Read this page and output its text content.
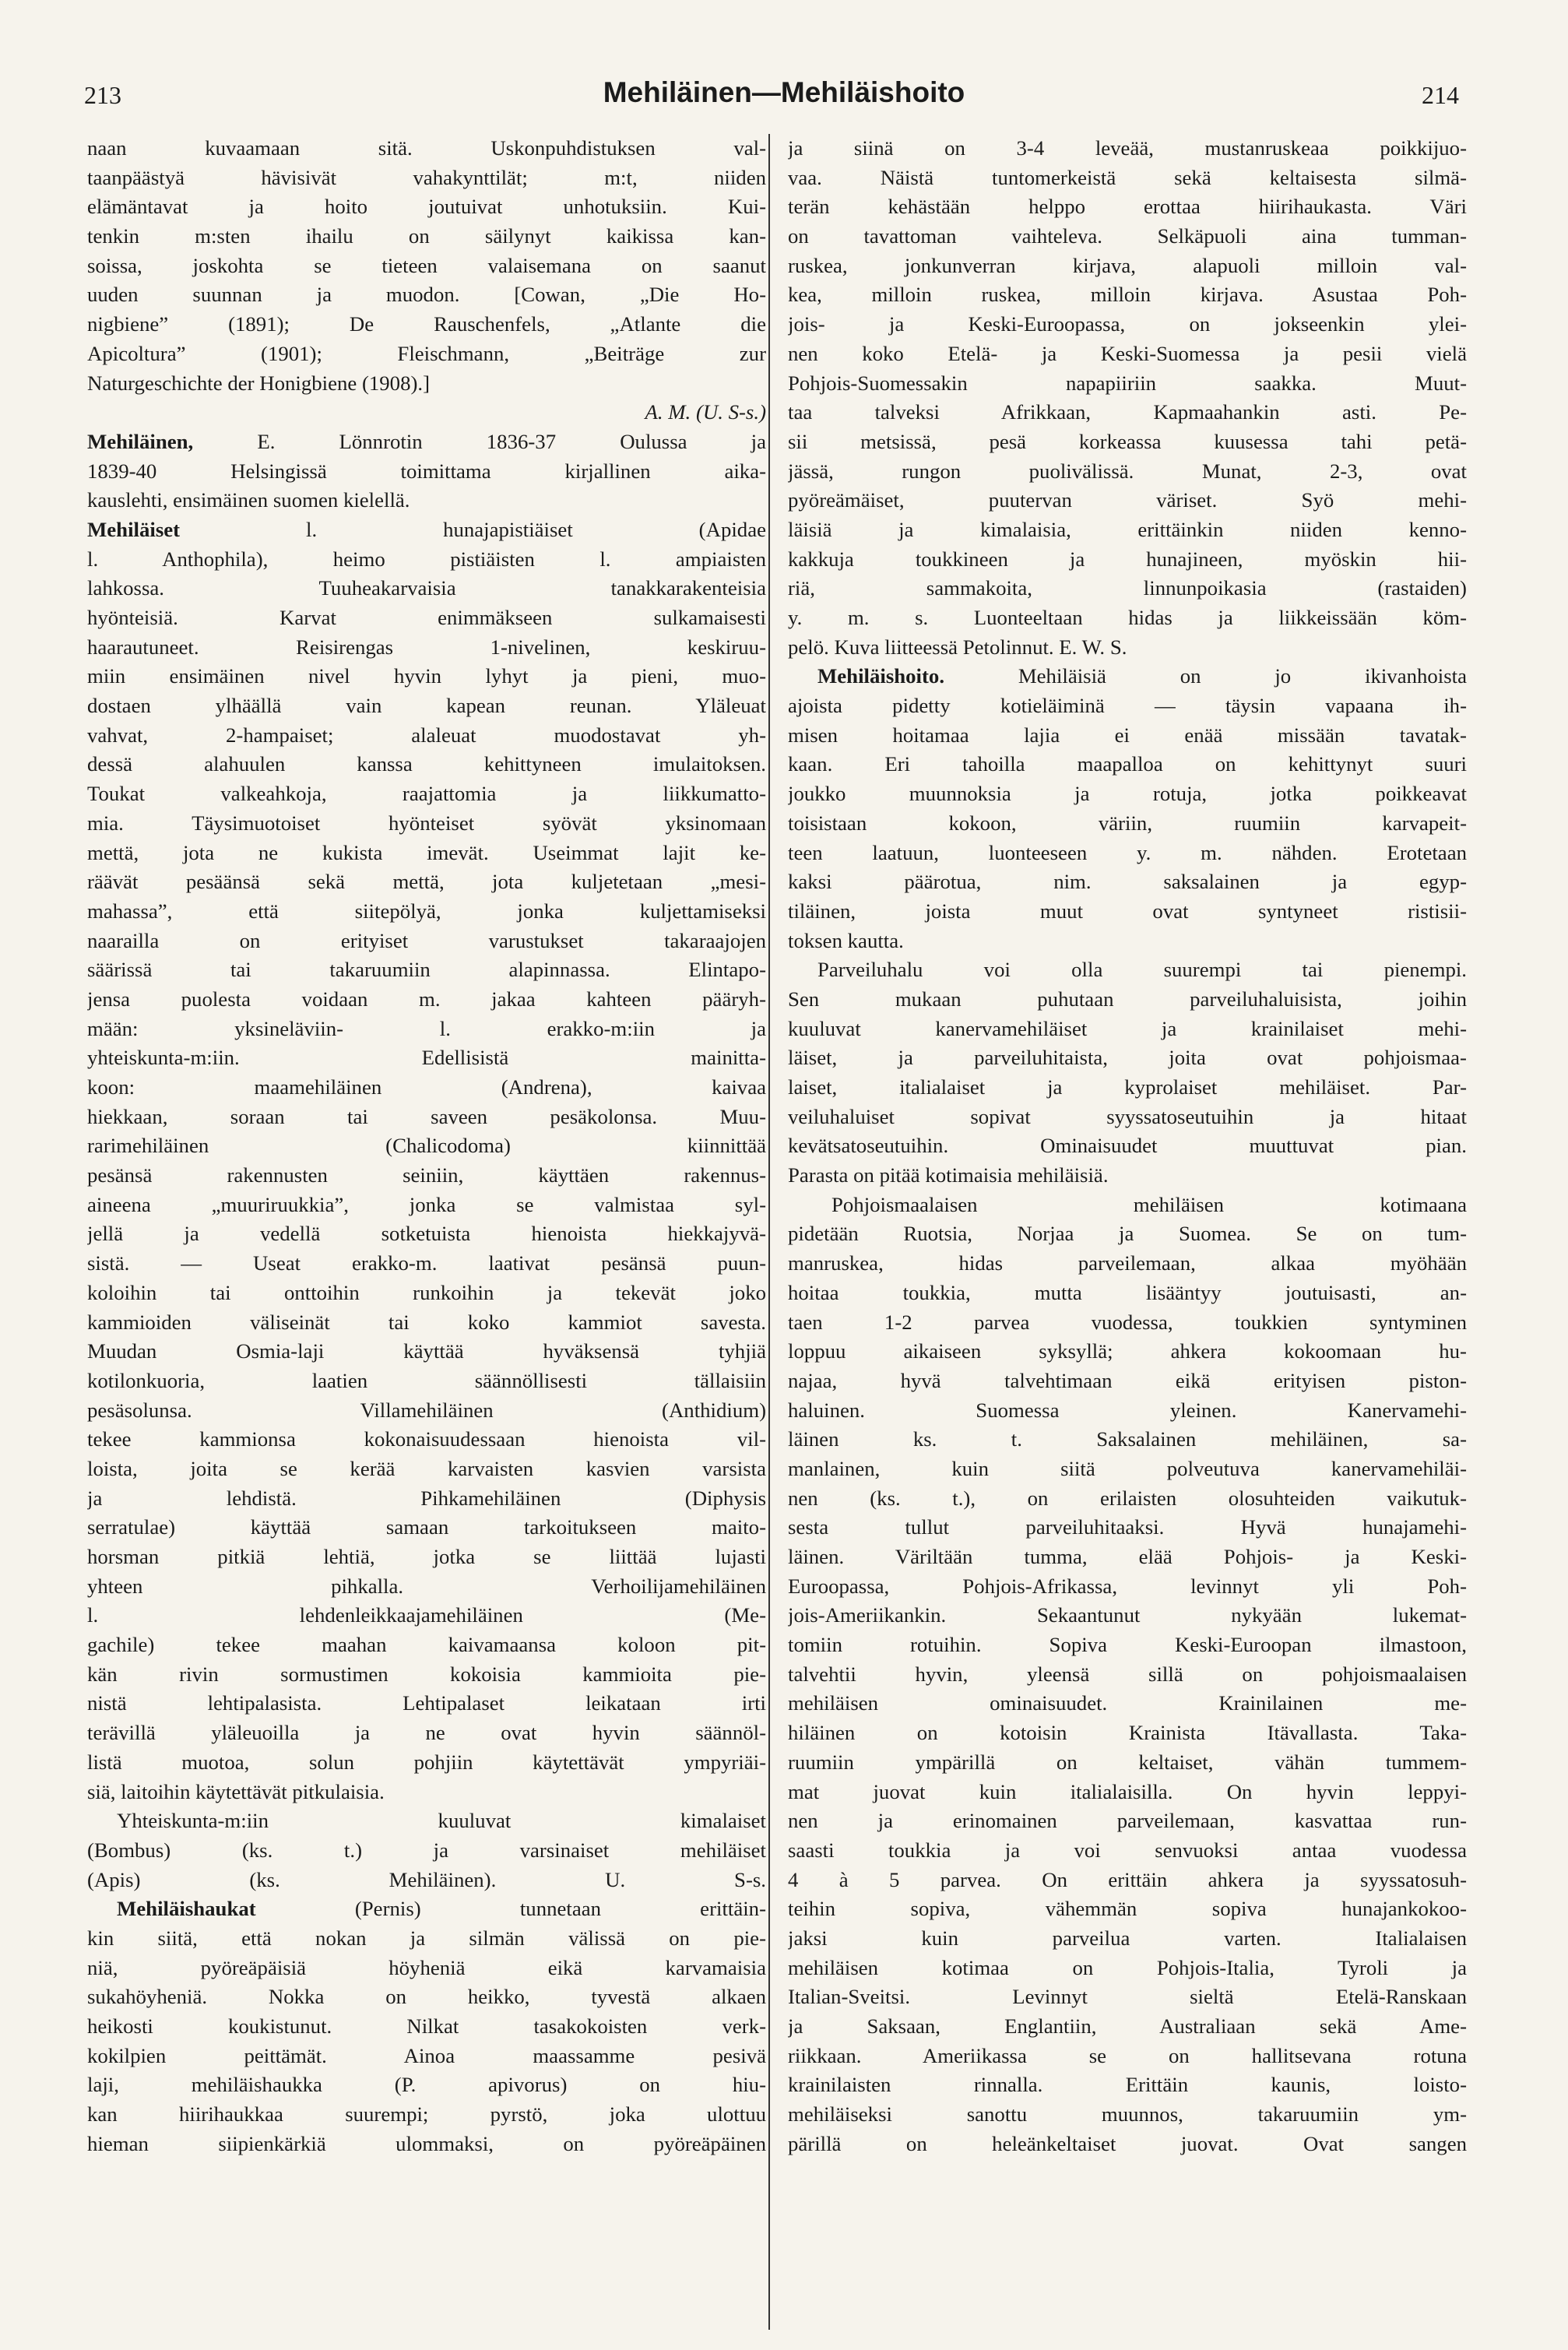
213	Mehiläinen—Mehiläishoito	214
naan kuvaamaan sitä. Uskonpuhdistuksen val-
taanpäästyä hävisivät vahakynttilät; m:t, niiden
elämäntavat ja hoito joutuivat unhotuksiin. Kui-
tenkin m:sten ihailu on säilynyt kaikissa kan-
soissa, joskohta se tieteen valaisemana on saanut
uuden suunnan ja muodon. [Cowan, „Die Ho-
nigbiene” (1891); De Rauschenfels, „Atlante die
Apicoltura” (1901); Fleischmann, „Beiträge zur
Naturgeschichte der Honigbiene (1908).]
A. M. (U. S-s.)
Mehiläinen, E. Lönnrotin 1836-37 Oulussa ja
1839-40 Helsingissä toimittama kirjallinen aika-
kauslehti, ensimäinen suomen kielellä.
Mehiläiset l. hunajapistiäiset (Apidae
l. Anthophila), heimo pistiäisten l. ampiaisten
lahkossa. Tuuheakarvaisia tanakkarakenteisia
hyönteisiä. Karvat enimmäkseen sulkamaisesti
haarautuneet. Reisirengas 1-nivelinen, keskiruu-
miin ensimäinen nivel hyvin lyhyt ja pieni, muo-
dostaen ylhäällä vain kapean reunan. Yläleuat
vahvat, 2-hampaiset; alaleuat muodostavat yh-
dessä alahuulen kanssa kehittyneen imulaitoksen.
Toukat valkeahkoja, raajattomia ja liikkumatto-
mia. Täysimuotoiset hyönteiset syövät yksinomaan
mettä, jota ne kukista imevät. Useimmat lajit ke-
räävät pesäänsä sekä mettä, jota kuljetetaan „mesi-
mahassa”, että siitepölyä, jonka kuljettamiseksi
naarailla on erityiset varustukset takaraajojen
säärissä tai takaruumiin alapinnassa. Elintapo-
jensa puolesta voidaan m. jakaa kahteen pääryh-
mään: yksineläviin- l. erakko-m:iin ja
yhteiskunta-m:iin. Edellisistä mainitta-
koon: maamehiläinen (Andrena), kaivaa
hiekkaan, soraan tai saveen pesäkolonsa. Muu-
rarimehiläinen (Chalicodoma) kiinnittää
pesänsä rakennusten seiniin, käyttäen rakennus-
aineena „muuriruukkia”, jonka se valmistaa syl-
jellä ja vedellä sotketuista hienoista hiekkajyvä-
sistä. — Useat erakko-m. laativat pesänsä puun-
koloihin tai onttoihin runkoihin ja tekevät joko
kammioiden väliseinät tai koko kammiot savesta.
Muudan Osmia-laji käyttää hyväksensä tyhjiä
kotilonkuoria, laatien säännöllisesti tällaisiin
pesäsolunsa. Villamehiläinen (Anthidium)
tekee kammionsa kokonaisuudessaan hienoista vil-
loista, joita se kerää karvaisten kasvien varsista
ja lehdistä. Pihkamehiläinen (Diphysis
serratulae) käyttää samaan tarkoitukseen maito-
horsman pitkiä lehtiä, jotka se liittää lujasti
yhteen pihkalla. Verhoilijamehiläinen
l. lehdenleikkaajamehiläinen (Me-
gachile) tekee maahan kaivamaansa koloon pit-
kän rivin sormustimen kokoisia kammioita pie-
nistä lehtipalasista. Lehtipalaset leikataan irti
terävillä yläleuoilla ja ne ovat hyvin säännöl-
listä muotoa, solun pohjiin käytettävät ympyriäi-
siä, laitoihin käytettävät pitkulaisia.
Yhteiskunta-m:iin kuuluvat kimalaiset
(Bombus) (ks. t.) ja varsinaiset mehiläiset
(Apis) (ks. Mehiläinen). U. S-s.
Mehiläishaukat (Pernis) tunnetaan erittäin-
kin siitä, että nokan ja silmän välissä on pie-
niä, pyöreäpäisiä höyheniä eikä karvamaisia
sukahöyheniä. Nokka on heikko, tyvestä alkaen
heikosti koukistunut. Nilkat tasakokoisten verk-
kokilpien peittämät. Ainoa maassamme pesivä
laji, mehiläishaukka (P. apivorus) on hiu-
kan hiirihaukkaa suurempi; pyrstö, joka ulottuu
hieman siipienkärkiä ulommaksi, on pyöreäpäinen
ja siinä on 3-4 leveää, mustanruskeaa poikkijuo-
vaa. Näistä tuntomerkeistä sekä keltaisesta silmä-
terän kehästään helppo erottaa hiirihaukasta. Väri
on tavattoman vaihteleva. Selkäpuoli aina tumman-
ruskea, jonkunverran kirjava, alapuoli milloin val-
kea, milloin ruskea, milloin kirjava. Asustaa Poh-
jois- ja Keski-Euroopassa, on jokseenkin ylei-
nen koko Etelä- ja Keski-Suomessa ja pesii vielä
Pohjois-Suomessakin napapiiriin saakka. Muut-
taa talveksi Afrikkaan, Kapmaahankin asti. Pe-
sii metsissä, pesä korkeassa kuusessa tahi petä-
jässä, rungon puolivälissä. Munat, 2-3, ovat
pyöreämäiset, puutervan väriset. Syö mehi-
läisiä ja kimalaisia, erittäinkin niiden kenno-
kakkuja toukkineen ja hunajineen, myöskin hii-
riä, sammakoita, linnunpoikasia (rastaiden)
y. m. s. Luonteeltaan hidas ja liikkeissään köm-
pelö. Kuva liitteessä Petolinnut. E. W. S.
Mehiläishoito. Mehiläisiä on jo ikivanhoista
ajoista pidetty kotieläiminä — täysin vapaana ih-
misen hoitamaa lajia ei enää missään tavatak-
kaan. Eri tahoilla maapalloa on kehittynyt suuri
joukko muunnoksia ja rotuja, jotka poikkeavat
toisistaan kokoon, väriin, ruumiin karvapeit-
teen laatuun, luonteeseen y. m. nähden. Erotetaan
kaksi päärotua, nim. saksalainen ja egyp-
tiläinen, joista muut ovat syntyneet ristisii-
toksen kautta.
Parveiluhalu voi olla suurempi tai pienempi.
Sen mukaan puhutaan parveiluhaluisista, joihin
kuuluvat kanervamehiläiset ja krainilaiset mehi-
läiset, ja parveiluhitaista, joita ovat pohjoismaa-
laiset, italialaiset ja kyprolaiset mehiläiset. Par-
veiluhaluiset sopivat syyssatoseutuihin ja hitaat
kevätsatoseutuihin. Ominaisuudet muuttuvat pian.
Parasta on pitää kotimaisia mehiläisiä.
Pohjoismaalaisen mehiläisen kotimaana
pidetään Ruotsia, Norjaa ja Suomea. Se on tum-
manruskea, hidas parveilemaan, alkaa myöhään
hoitaa toukkia, mutta lisääntyy joutuisasti, an-
taen 1-2 parvea vuodessa, toukkien syntyminen
loppuu aikaiseen syksyllä; ahkera kokoomaan hu-
najaa, hyvä talvehtimaan eikä erityisen piston-
haluinen. Suomessa yleinen. Kanervamehi-
läinen ks. t. Saksalainen mehiläinen, sa-
manlainen, kuin siitä polveutuva kanervamehiläi-
nen (ks. t.), on erilaisten olosuhteiden vaikutuk-
sesta tullut parveiluhitaaksi. Hyvä hunajamehi-
läinen. Väriltään tumma, elää Pohjois- ja Keski-
Euroopassa, Pohjois-Afrikassa, levinnyt yli Poh-
jois-Ameriikankin. Sekaantunut nykyään lukemat-
tomiin rotuihin. Sopiva Keski-Euroopan ilmastoon,
talvehtii hyvin, yleensä sillä on pohjoismaalaisen
mehiläisen ominaisuudet. Krainilainen me-
hiläinen on kotoisin Krainista Itävallasta. Taka-
ruumiin ympärillä on keltaiset, vähän tummem-
mat juovat kuin italialaisilla. On hyvin leppyi-
nen ja erinomainen parveilemaan, kasvattaa run-
saasti toukkia ja voi senvuoksi antaa vuodessa
4 à 5 parvea. On erittäin ahkera ja syyssatosuh-
teihin sopiva, vähemmän sopiva hunajankokoo-
jaksi kuin parveilua varten. Italialaisen
mehiläisen kotimaa on Pohjois-Italia, Tyroli ja
Italian-Sveitsi. Levinnyt sieltä Etelä-Ranskaan
ja Saksaan, Englantiin, Australiaan sekä Ame-
riikkaan. Ameriikassa se on hallitsevana rotuna
krainilaisten rinnalla. Erittäin kaunis, loisto-
mehiläiseksi sanottu muunnos, takaruumiin ym-
pärillä on heleänkeltaiset juovat. Ovat sangen
